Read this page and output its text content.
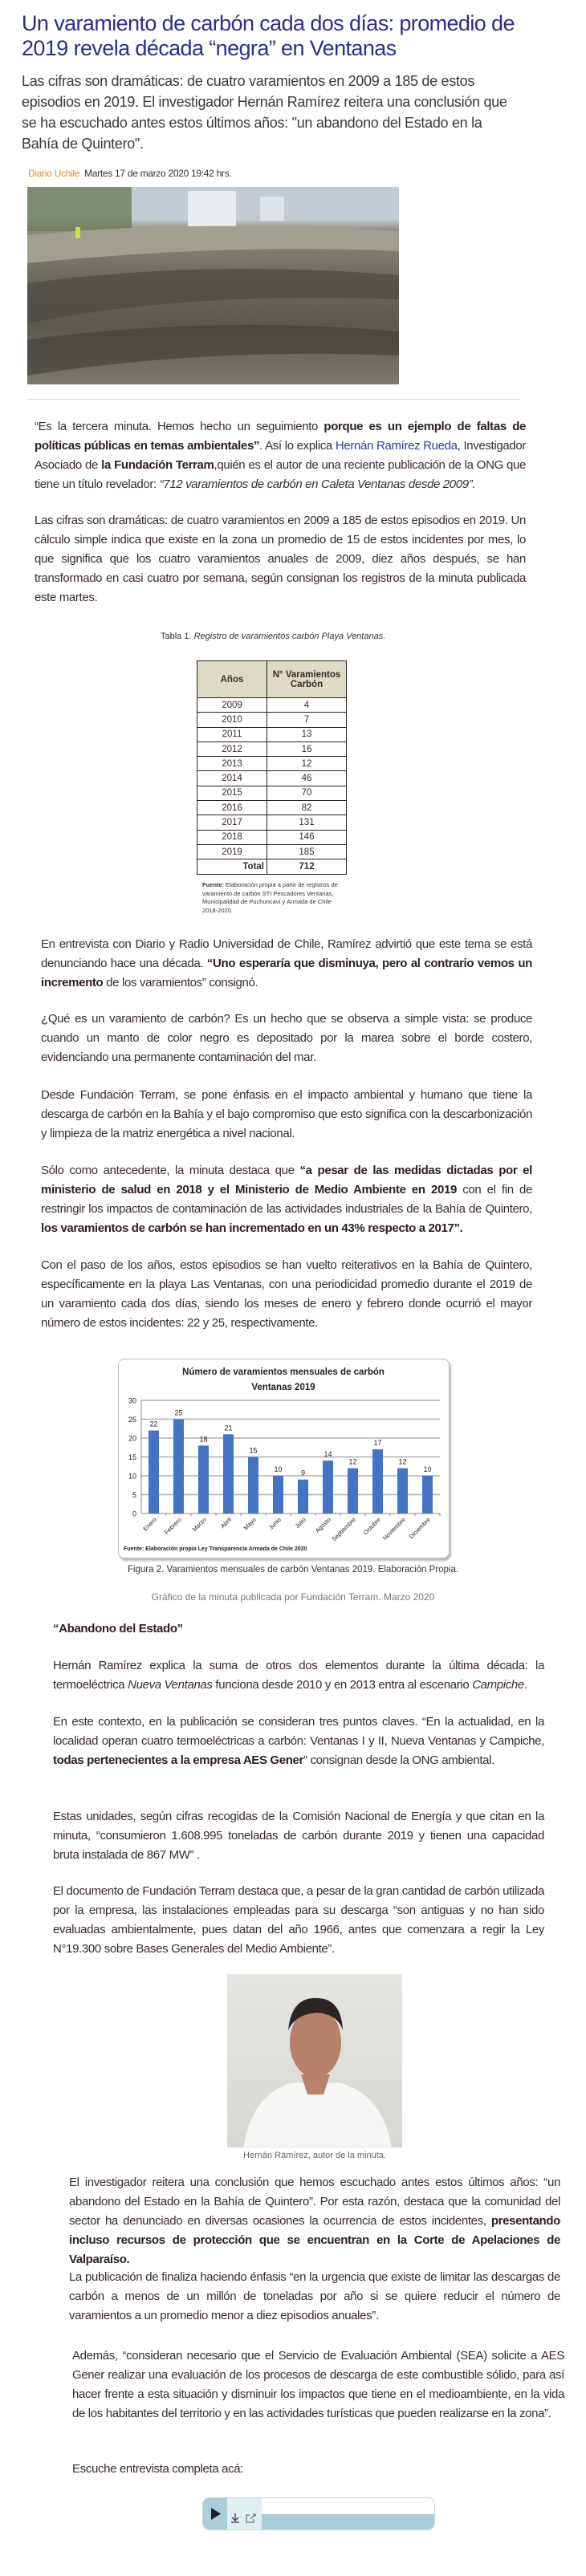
Un varamiento de carbón cada dos días: promedio de 2019 revela década “negra” en Ventanas
Las cifras son dramáticas: de cuatro varamientos en 2009 a 185 de estos episodios en 2019. El investigador Hernán Ramírez reitera una conclusión que se ha escuchado antes estos últimos años: "un abandono del Estado en la Bahía de Quintero".
Diario Uchile Martes 17 de marzo 2020 19:42 hrs.
“Es la tercera minuta. Hemos hecho un seguimiento porque es un ejemplo de faltas de políticas públicas en temas ambientales”. Así lo explica Hernán Ramírez Rueda, Investigador Asociado de la Fundación Terram,quién es el autor de una reciente publicación de la ONG que tiene un título revelador: “712 varamientos de carbón en Caleta Ventanas desde 2009”.
Las cifras son dramáticas: de cuatro varamientos en 2009 a 185 de estos episodios en 2019. Un cálculo simple indica que existe en la zona un promedio de 15 de estos incidentes por mes, lo que significa que los cuatro varamientos anuales de 2009, diez años después, se han transformado en casi cuatro por semana, según consignan los registros de la minuta publicada este martes.
Tabla 1. Registro de varamientos carbón Playa Ventanas.
Años	N° Varamientos Carbón
2009	4
2010	7
2011	13
2012	16
2013	12
2014	46
2015	70
2016	82
2017	131
2018	146
2019	185
Total	712
Fuente: Elaboración propia a partir de registros de varamiento de carbón STI Pescadores Ventanas, Municipalidad de Puchuncaví y Armada de Chile 2018-2020.
En entrevista con Diario y Radio Universidad de Chile, Ramírez advirtió que este tema se está denunciando hace una década. “Uno esperaría que disminuya, pero al contrario vemos un incremento de los varamientos” consignó.
¿Qué es un varamiento de carbón? Es un hecho que se observa a simple vista: se produce cuando un manto de color negro es depositado por la marea sobre el borde costero, evidenciando una permanente contaminación del mar.
Desde Fundación Terram, se pone énfasis en el impacto ambiental y humano que tiene la descarga de carbón en la Bahía y el bajo compromiso que esto significa con la descarbonización y limpieza de la matriz energética a nivel nacional.
Sólo como antecedente, la minuta destaca que “a pesar de las medidas dictadas por el ministerio de salud en 2018 y el Ministerio de Medio Ambiente en 2019 con el fin de restringir los impactos de contaminación de las actividades industriales de la Bahía de Quintero, los varamientos de carbón se han incrementado en un 43% respecto a 2017”.
Con el paso de los años, estos episodios se han vuelto reiterativos en la Bahía de Quintero, específicamente en la playa Las Ventanas, con una periodicidad promedio durante el 2019 de un varamiento cada dos días, siendo los meses de enero y febrero donde ocurrió el mayor número de estos incidentes: 22 y 25, respectivamente.
Número de varamientos mensuales de carbón
Ventanas 2019
0
5
10
15
20
25
30
22
Enero
25
Febrero
18
Marzo
21
Abril
15
Mayo
10
Junio
9
Julio
14
Agosto
12
Septiembre
17
Octubre
12
Noviembre
10
Diciembre
Fuente: Elaboración propia Ley Transparencia Armada de Chile 2020
Figura 2. Varamientos mensuales de carbón Ventanas 2019. Elaboración Propia.
Gráfico de la minuta publicada por Fundación Terram. Marzo 2020
“Abandono del Estado”
Hernán Ramírez explica la suma de otros dos elementos durante la última década: la termoeléctrica Nueva Ventanas funciona desde 2010 y en 2013 entra al escenario Campiche.
En este contexto, en la publicación se consideran tres puntos claves. “En la actualidad, en la localidad operan cuatro termoeléctricas a carbón: Ventanas I y II, Nueva Ventanas y Campiche, todas pertenecientes a la empresa AES Gener” consignan desde la ONG ambiental.
Estas unidades, según cifras recogidas de la Comisión Nacional de Energía y que citan en la minuta, “consumieron 1.608.995 toneladas de carbón durante 2019 y tienen una capacidad bruta instalada de 867 MW” .
El documento de Fundación Terram destaca que, a pesar de la gran cantidad de carbón utilizada por la empresa, las instalaciones empleadas para su descarga “son antiguas y no han sido evaluadas ambientalmente, pues datan del año 1966, antes que comenzara a regir la Ley N°19.300 sobre Bases Generales del Medio Ambiente”.
Hernán Ramírez, autor de la minuta.
El investigador reitera una conclusión que hemos escuchado antes estos últimos años: “un abandono del Estado en la Bahía de Quintero”. Por esta razón, destaca que la comunidad del sector ha denunciado en diversas ocasiones la ocurrencia de estos incidentes, presentando incluso recursos de protección que se encuentran en la Corte de Apelaciones de Valparaíso.
La publicación de finaliza haciendo énfasis “en la urgencia que existe de limitar las descargas de carbón a menos de un millón de toneladas por año si se quiere reducir el número de varamientos a un promedio menor a diez episodios anuales”.
Además, “consideran necesario que el Servicio de Evaluación Ambiental (SEA) solicite a AES Gener realizar una evaluación de los procesos de descarga de este combustible sólido, para así hacer frente a esta situación y disminuir los impactos que tiene en el medioambiente, en la vida de los habitantes del territorio y en las actividades turísticas que pueden realizarse en la zona”.
Escuche entrevista completa acá:
